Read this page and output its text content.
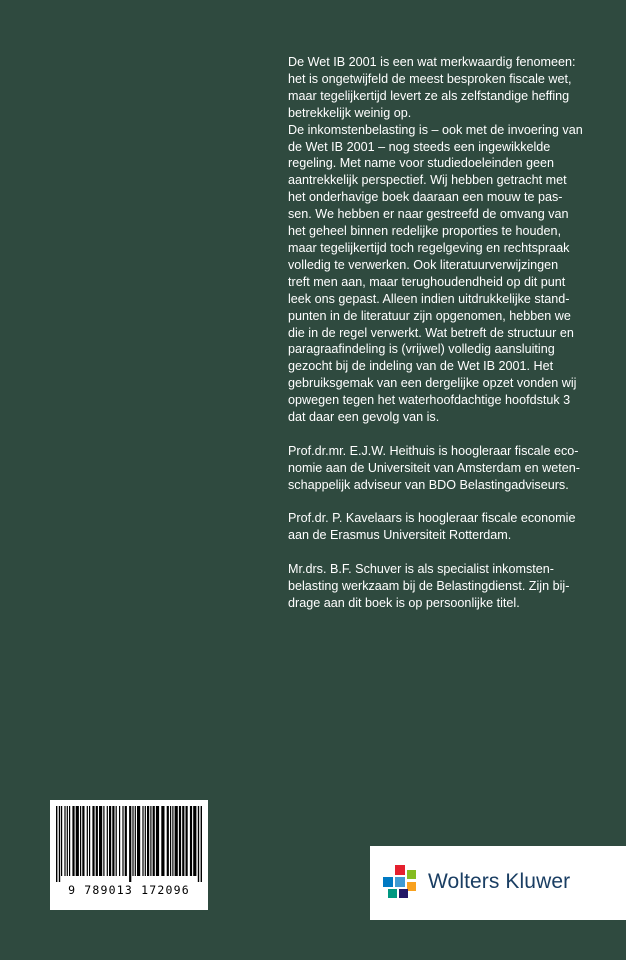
De Wet IB 2001 is een wat merkwaardig fenomeen:
het is ongetwijfeld de meest besproken fiscale wet,
maar tegelijkertijd levert ze als zelfstandige heffing
betrekkelijk weinig op.

De inkomstenbelasting is – ook met de invoering van
de Wet IB 2001 – nog steeds een ingewikkelde
regeling. Met name voor studiedoeleinden geen
aantrekkelijk perspectief. Wij hebben getracht met
het onderhavige boek daaraan een mouw te pas-
sen. We hebben er naar gestreefd de omvang van
het geheel binnen redelijke proporties te houden,
maar tegelijkertijd toch regelgeving en rechtspraak
volledig te verwerken. Ook literatuurverwijzingen
treft men aan, maar terughoudendheid op dit punt
leek ons gepast. Alleen indien uitdrukkelijke stand-
punten in de literatuur zijn opgenomen, hebben we
die in de regel verwerkt. Wat betreft de structuur en
paragraafindeling is (vrijwel) volledig aansluiting
gezocht bij de indeling van de Wet IB 2001. Het
gebruiksgemak van een dergelijke opzet vonden wij
opwegen tegen het waterhoofdachtige hoofdstuk 3
dat daar een gevolg van is.

Prof.dr.mr. E.J.W. Heithuis is hoogleraar fiscale eco-
nomie aan de Universiteit van Amsterdam en weten-
schappelijk adviseur van BDO Belastingadviseurs.

Prof.dr. P. Kavelaars is hoogleraar fiscale economie
aan de Erasmus Universiteit Rotterdam.

Mr.drs. B.F. Schuver is als specialist inkomsten-
belasting werkzaam bij de Belastingdienst. Zijn bij-
drage aan dit boek is op persoonlijke titel.

9 789013 172096	Wolters Kluwer
